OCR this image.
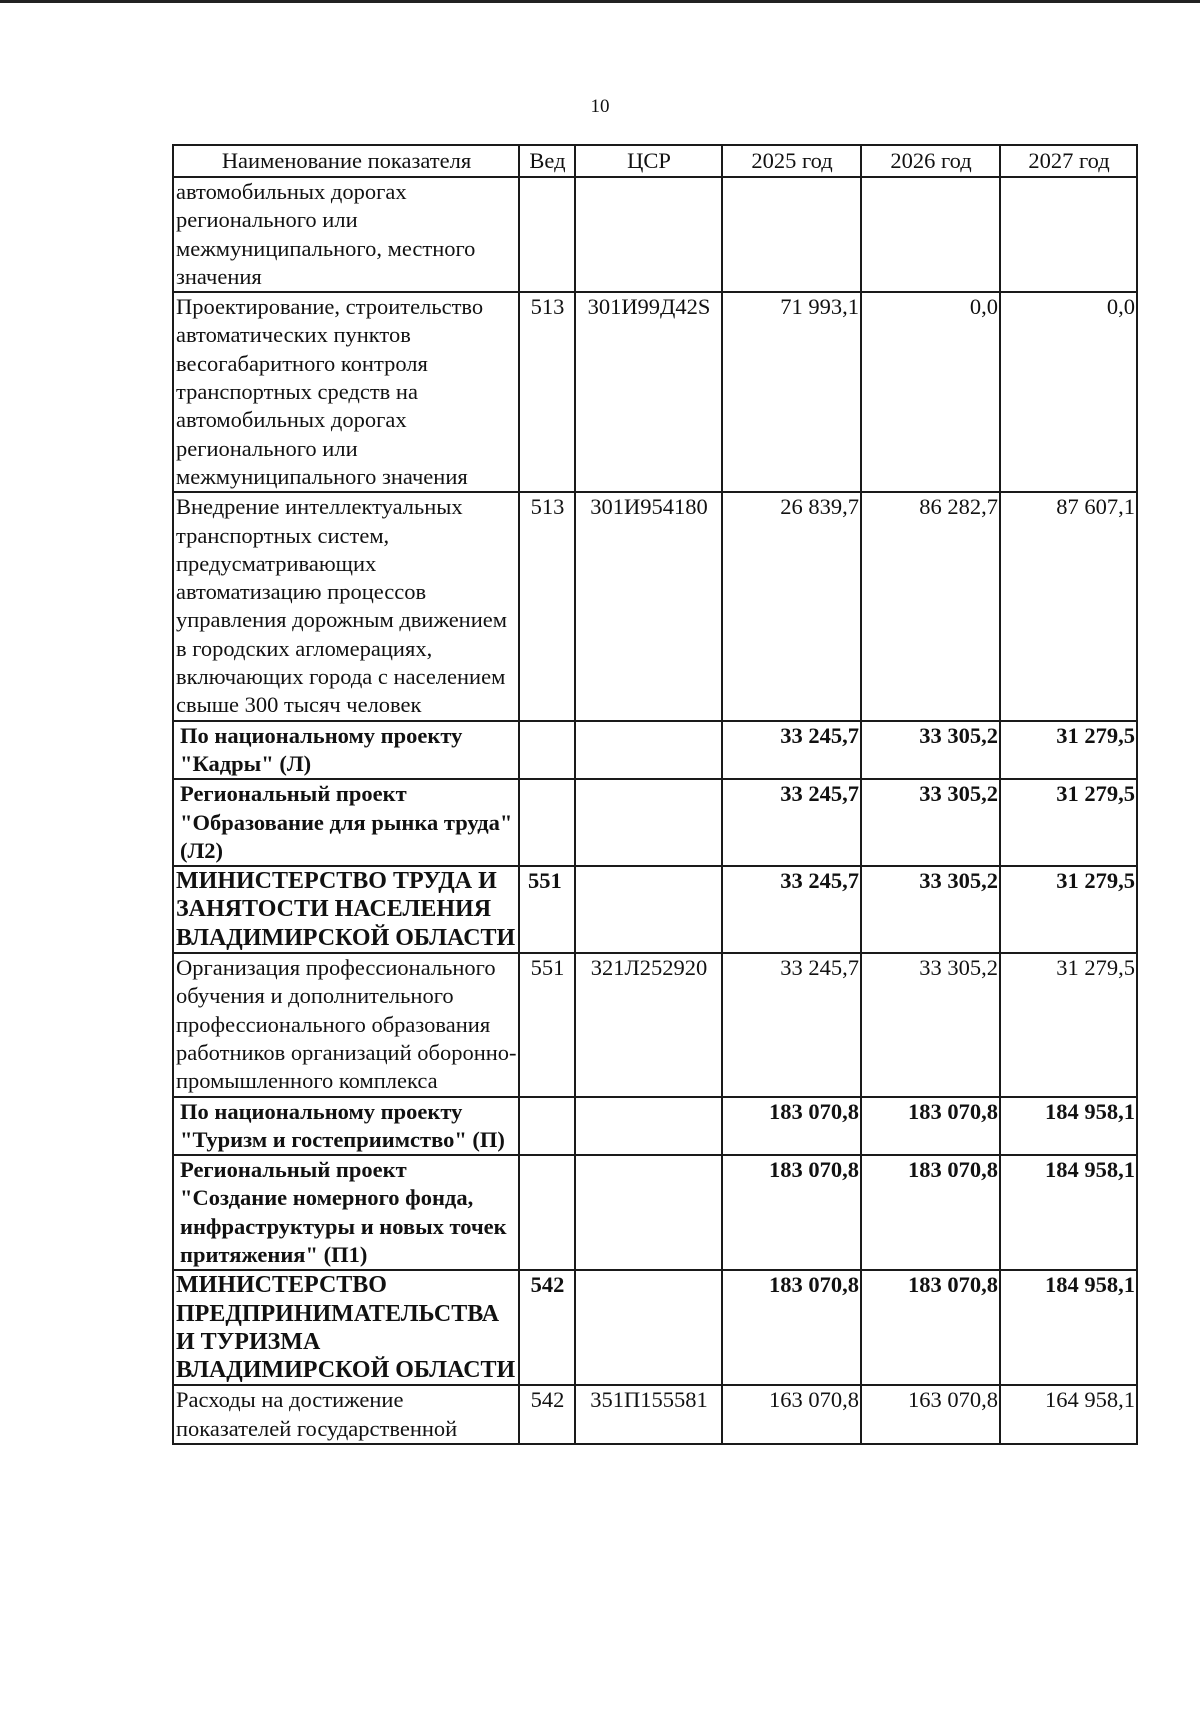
10
Наименование показателя	Вед	ЦСР	2025 год	2026 год	2027 год
автомобильных дорогах регионального или межмуниципального, местного значения					
Проектирование, строительство автоматических пунктов весогабаритного контроля транспортных средств на автомобильных дорогах регионального или межмуниципального значения	513	301И99Д42S	71 993,1	0,0	0,0
Внедрение интеллектуальных транспортных систем, предусматривающих автоматизацию процессов управления дорожным движением в городских агломерациях, включающих города с населением свыше 300 тысяч человек	513	301И954180	26 839,7	86 282,7	87 607,1
По национальному проекту "Кадры" (Л)			33 245,7	33 305,2	31 279,5
Региональный проект "Образование для рынка труда" (Л2)			33 245,7	33 305,2	31 279,5
МИНИСТЕРСТВО ТРУДА И ЗАНЯТОСТИ НАСЕЛЕНИЯ ВЛАДИМИРСКОЙ ОБЛАСТИ	551		33 245,7	33 305,2	31 279,5
Организация профессионального обучения и дополнительного профессионального образования работников организаций оборонно-промышленного комплекса	551	321Л252920	33 245,7	33 305,2	31 279,5
По национальному проекту "Туризм и гостеприимство" (П)			183 070,8	183 070,8	184 958,1
Региональный проект "Создание номерного фонда, инфраструктуры и новых точек притяжения" (П1)			183 070,8	183 070,8	184 958,1
МИНИСТЕРСТВО ПРЕДПРИНИМАТЕЛЬСТВА И ТУРИЗМА ВЛАДИМИРСКОЙ ОБЛАСТИ	542		183 070,8	183 070,8	184 958,1
Расходы на достижение показателей государственной	542	351П155581	163 070,8	163 070,8	164 958,1
